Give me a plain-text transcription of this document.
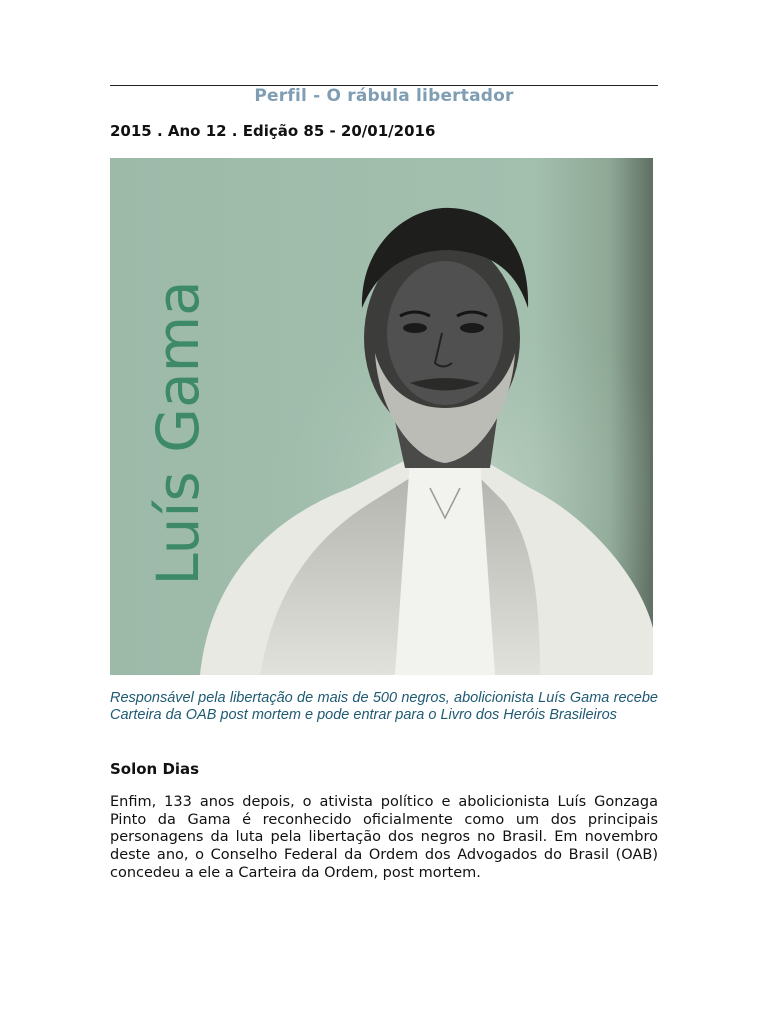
Perfil - O rábula libertador
2015 . Ano 12 . Edição 85 - 20/01/2016
Luís Gama
Responsável pela libertação de mais de 500 negros, abolicionista Luís Gama recebe Carteira da OAB post mortem e pode entrar para o Livro dos Heróis Brasileiros
Solon Dias

Enfim, 133 anos depois, o ativista político e abolicionista Luís Gonzaga Pinto da Gama é reconhecido oficialmente como um dos principais personagens da luta pela libertação dos negros no Brasil. Em novembro deste ano, o Conselho Federal da Ordem dos Advogados do Brasil (OAB) concedeu a ele a Carteira da Ordem, post mortem.
